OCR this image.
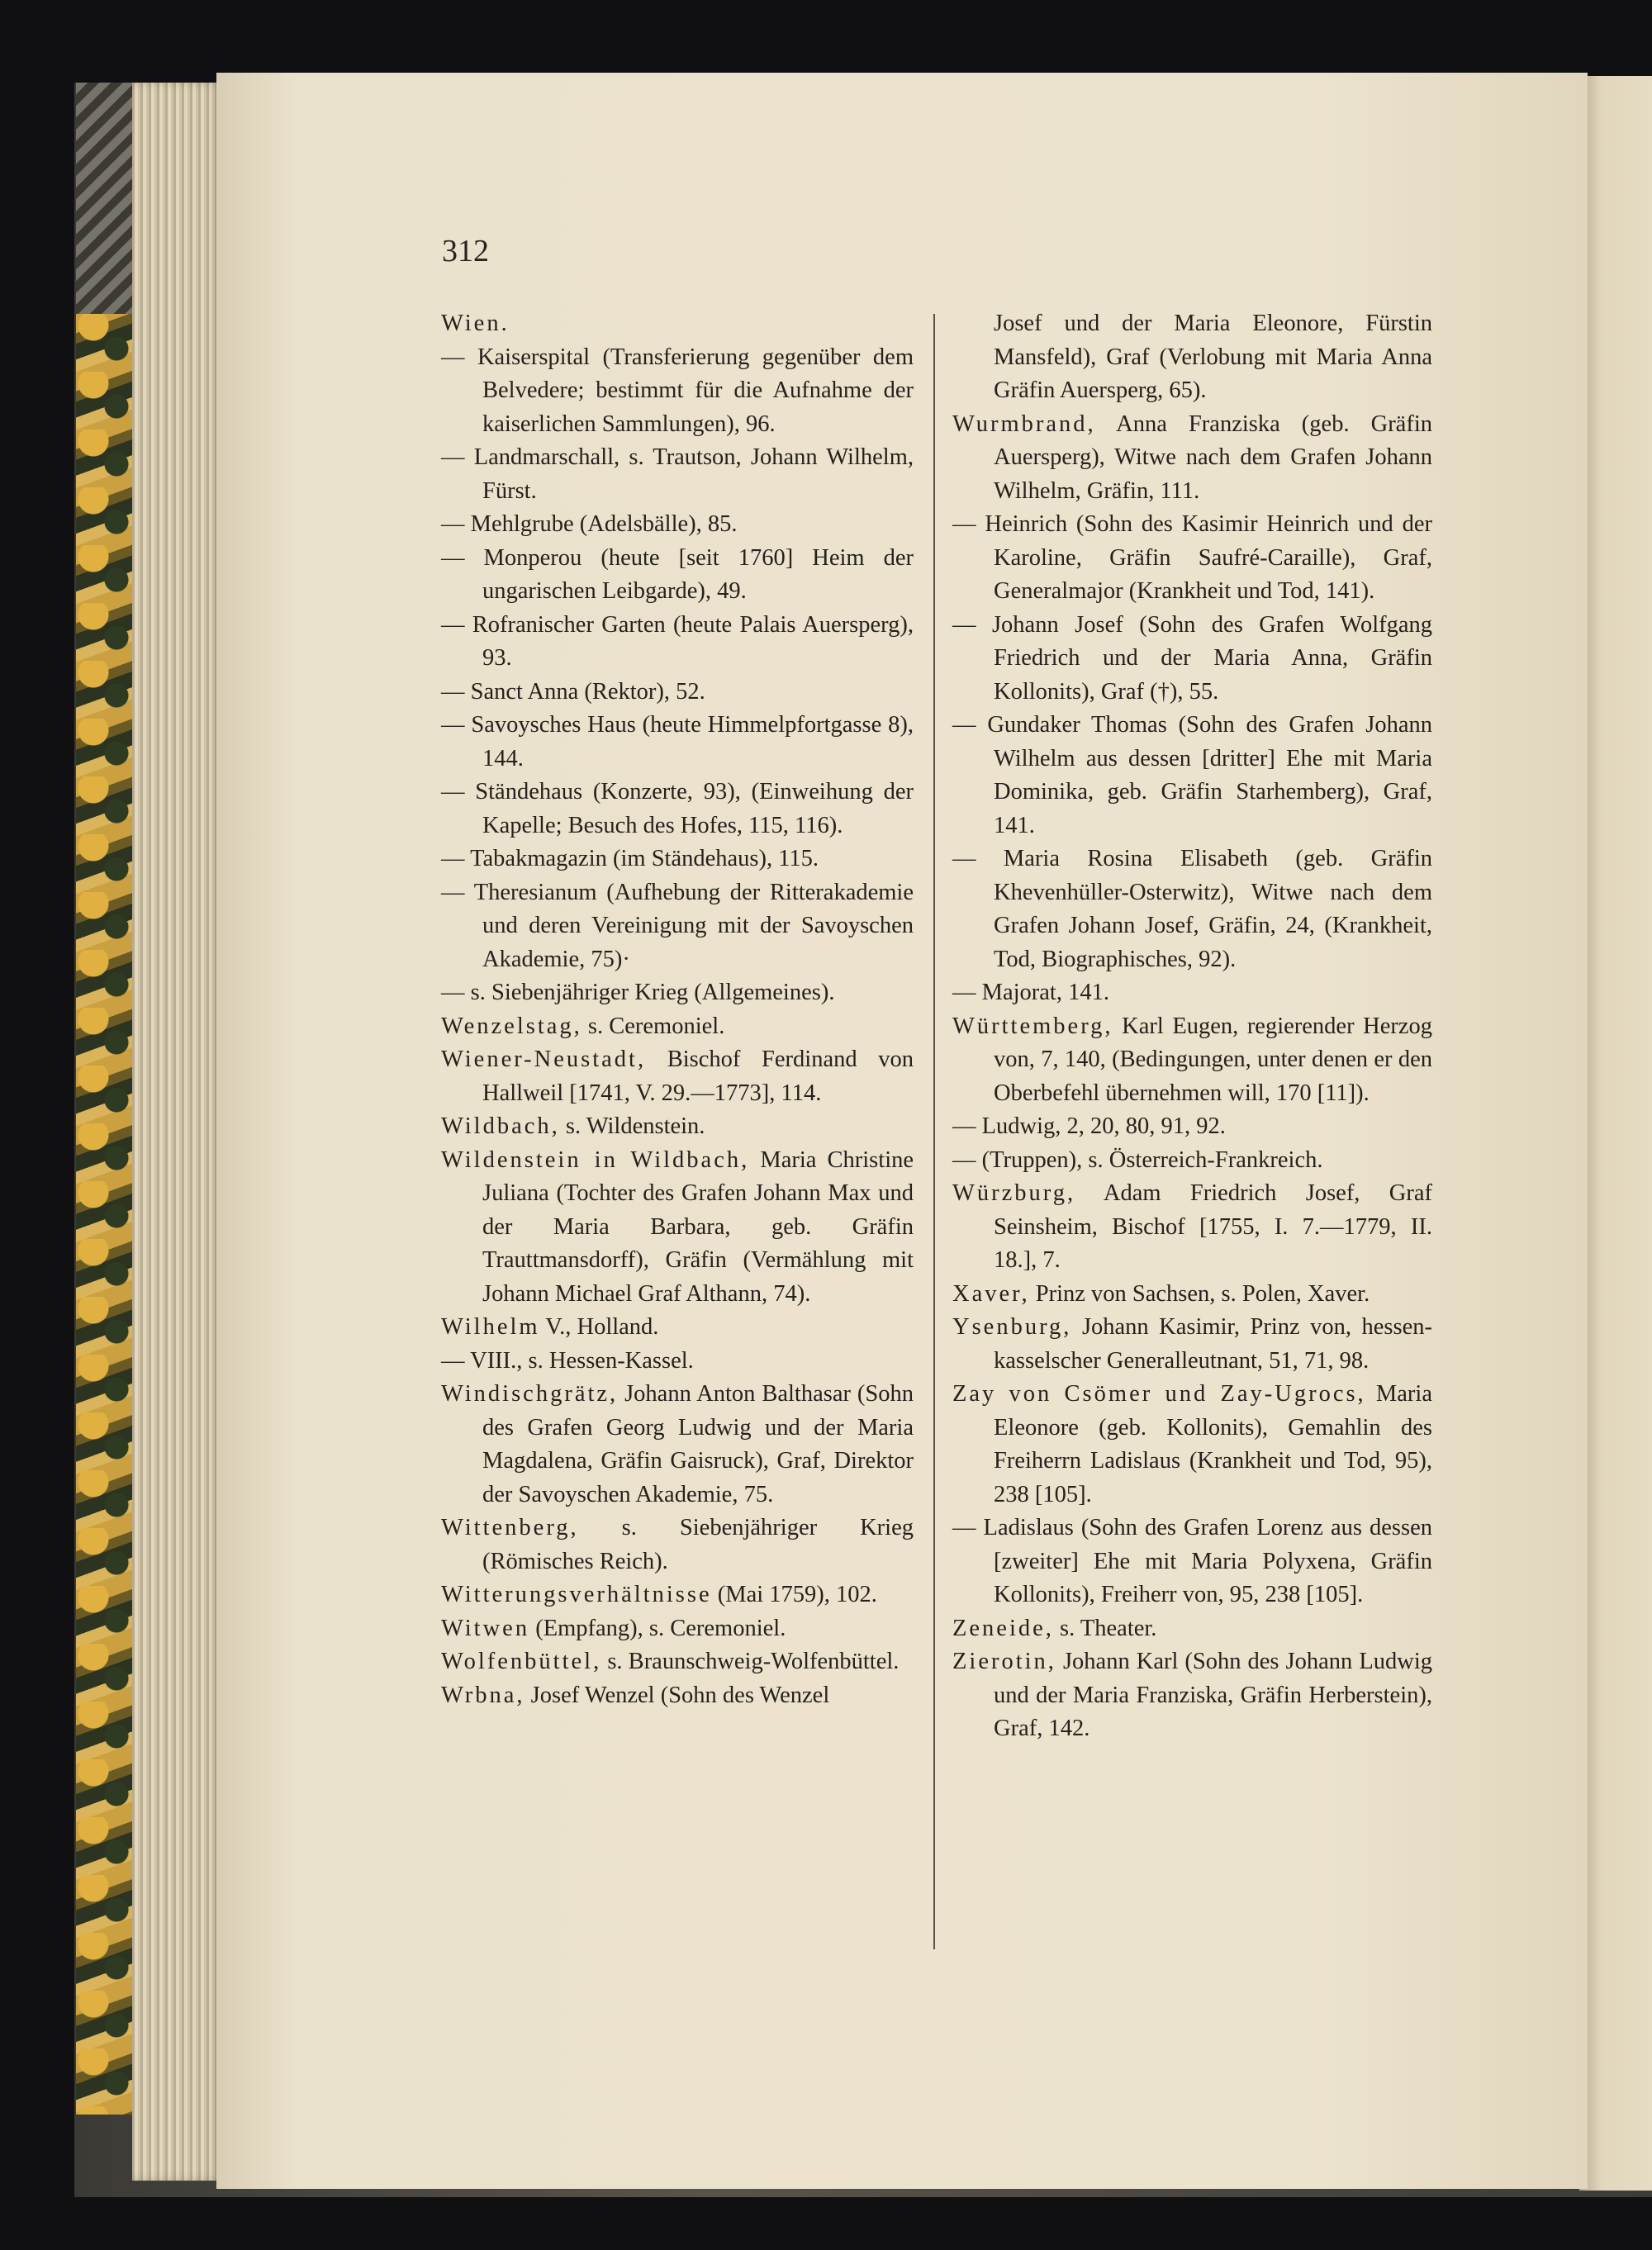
312
Wien.
— Kaiserspital (Transferierung gegenüber dem Belvedere; bestimmt für die Aufnahme der kaiserlichen Sammlungen), 96.
— Landmarschall, s. Trautson, Johann Wilhelm, Fürst.
— Mehlgrube (Adelsbälle), 85.
— Monperou (heute [seit 1760] Heim der ungarischen Leibgarde), 49.
— Rofranischer Garten (heute Palais Auersperg), 93.
— Sanct Anna (Rektor), 52.
— Savoysches Haus (heute Himmelpfortgasse 8), 144.
— Ständehaus (Konzerte, 93), (Einweihung der Kapelle; Besuch des Hofes, 115, 116).
— Tabakmagazin (im Ständehaus), 115.
— Theresianum (Aufhebung der Ritterakademie und deren Vereinigung mit der Savoyschen Akademie, 75)·
— s. Siebenjähriger Krieg (Allgemeines).
Wenzelstag, s. Ceremoniel.
Wiener-Neustadt, Bischof Ferdinand von Hallweil [1741, V. 29.—1773], 114.
Wildbach, s. Wildenstein.
Wildenstein in Wildbach, Maria Christine Juliana (Tochter des Grafen Johann Max und der Maria Barbara, geb. Gräfin Trauttmansdorff), Gräfin (Vermählung mit Johann Michael Graf Althann, 74).
Wilhelm V., Holland.
— VIII., s. Hessen-Kassel.
Windischgrätz, Johann Anton Balthasar (Sohn des Grafen Georg Ludwig und der Maria Magdalena, Gräfin Gaisruck), Graf, Direktor der Savoyschen Akademie, 75.
Wittenberg, s. Siebenjähriger Krieg (Römisches Reich).
Witterungsverhältnisse (Mai 1759), 102.
Witwen (Empfang), s. Ceremoniel.
Wolfenbüttel, s. Braunschweig-Wolfenbüttel.
Wrbna, Josef Wenzel (Sohn des Wenzel
Josef und der Maria Eleonore, Fürstin Mansfeld), Graf (Verlobung mit Maria Anna Gräfin Auersperg, 65).
Wurmbrand, Anna Franziska (geb. Gräfin Auersperg), Witwe nach dem Grafen Johann Wilhelm, Gräfin, 111.
— Heinrich (Sohn des Kasimir Heinrich und der Karoline, Gräfin Saufré-Caraille), Graf, Generalmajor (Krankheit und Tod, 141).
— Johann Josef (Sohn des Grafen Wolfgang Friedrich und der Maria Anna, Gräfin Kollonits), Graf (†), 55.
— Gundaker Thomas (Sohn des Grafen Johann Wilhelm aus dessen [dritter] Ehe mit Maria Dominika, geb. Gräfin Starhemberg), Graf, 141.
— Maria Rosina Elisabeth (geb. Gräfin Khevenhüller-Osterwitz), Witwe nach dem Grafen Johann Josef, Gräfin, 24, (Krankheit, Tod, Biographisches, 92).
— Majorat, 141.
Württemberg, Karl Eugen, regierender Herzog von, 7, 140, (Bedingungen, unter denen er den Oberbefehl übernehmen will, 170 [11]).
— Ludwig, 2, 20, 80, 91, 92.
— (Truppen), s. Österreich-Frankreich.
Würzburg, Adam Friedrich Josef, Graf Seinsheim, Bischof [1755, I. 7.—1779, II. 18.], 7.
Xaver, Prinz von Sachsen, s. Polen, Xaver.
Ysenburg, Johann Kasimir, Prinz von, hessen-kasselscher Generalleutnant, 51, 71, 98.
Zay von Csömer und Zay-Ugrocs, Maria Eleonore (geb. Kollonits), Gemahlin des Freiherrn Ladislaus (Krankheit und Tod, 95), 238 [105].
— Ladislaus (Sohn des Grafen Lorenz aus dessen [zweiter] Ehe mit Maria Polyxena, Gräfin Kollonits), Freiherr von, 95, 238 [105].
Zeneide, s. Theater.
Zierotin, Johann Karl (Sohn des Johann Ludwig und der Maria Franziska, Gräfin Herberstein), Graf, 142.
